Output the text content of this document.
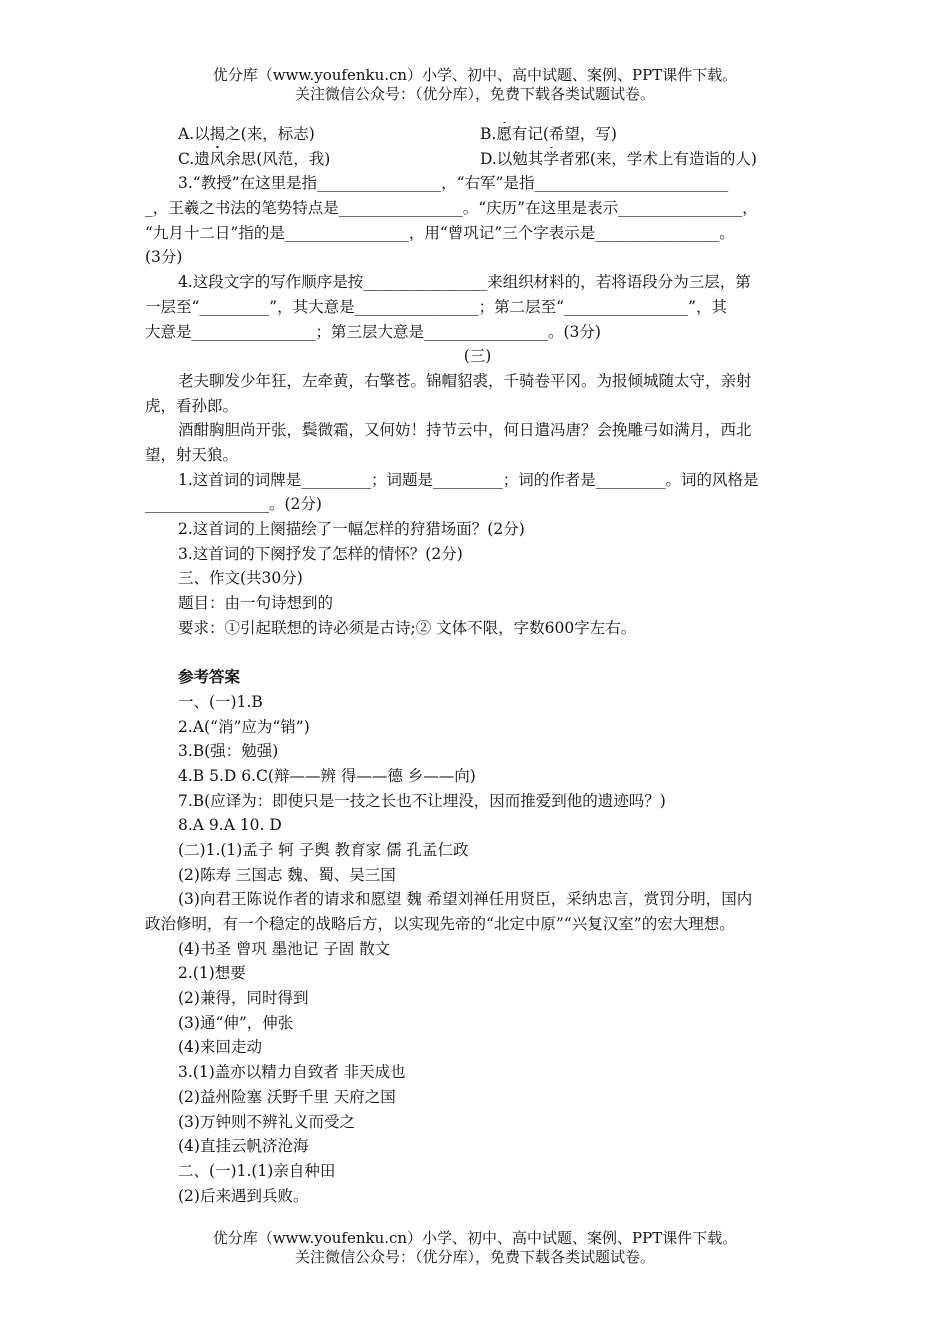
优分库（www.youfenku.cn）小学、初中、高中试题、案例、PPT课件下载。
关注微信公众号：（优分库），免费下载各类试题试卷。
A.以揭之(来，标志)	B.愿有记(希望，写)
C.遗风余思(风范，我)	D.以勉其学者邪(来，学术上有造诣的人)
3.“教授”在这里是指________________，“右军”是指_________________________
_，王羲之书法的笔势特点是________________。“庆历”在这里是表示________________，
“九月十二日”指的是________________，用“曾巩记”三个字表示是________________。
(3分)
4.这段文字的写作顺序是按________________来组织材料的，若将语段分为三层，第
一层至“_________”，其大意是________________；第二层至“________________”，其
大意是________________；第三层大意是________________。(3分)
(三)
老夫聊发少年狂，左牵黄，右擎苍。锦帽貂裘，千骑卷平冈。为报倾城随太守，亲射
虎，看孙郎。
酒酣胸胆尚开张，鬓微霜，又何妨！持节云中，何日遣冯唐？会挽雕弓如满月，西北
望，射天狼。
1.这首词的词牌是_________；词题是_________；词的作者是_________。词的风格是
________________。(2分)
2.这首词的上阕描绘了一幅怎样的狩猎场面？(2分)
3.这首词的下阕抒发了怎样的情怀？(2分)
三、作文(共30分)
题目：由一句诗想到的
要求：①引起联想的诗必须是古诗;② 文体不限，字数600字左右。
参考答案
一、(一)1.B
2.A(“消”应为“销”)
3.B(强：勉强)
4.B 5.D 6.C(辩——辨 得——德 乡——向)
7.B(应译为：即使只是一技之长也不让埋没，因而推爱到他的遗迹吗？)
8.A 9.A 10. D
(二)1.(1)孟子 轲 子舆 教育家 儒 孔孟仁政
(2)陈寿 三国志 魏、蜀、吴三国
(3)向君王陈说作者的请求和愿望 魏 希望刘禅任用贤臣，采纳忠言，赏罚分明，国内
政治修明，有一个稳定的战略后方，以实现先帝的“北定中原”“兴复汉室”的宏大理想。
(4)书圣 曾巩 墨池记 子固 散文
2.(1)想要
(2)兼得，同时得到
(3)通“伸”，伸张
(4)来回走动
3.(1)盖亦以精力自致者 非天成也
(2)益州险塞 沃野千里 天府之国
(3)万钟则不辨礼义而受之
(4)直挂云帆济沧海
二、(一)1.(1)亲自种田
(2)后来遇到兵败。
优分库（www.youfenku.cn）小学、初中、高中试题、案例、PPT课件下载。
关注微信公众号：（优分库），免费下载各类试题试卷。
